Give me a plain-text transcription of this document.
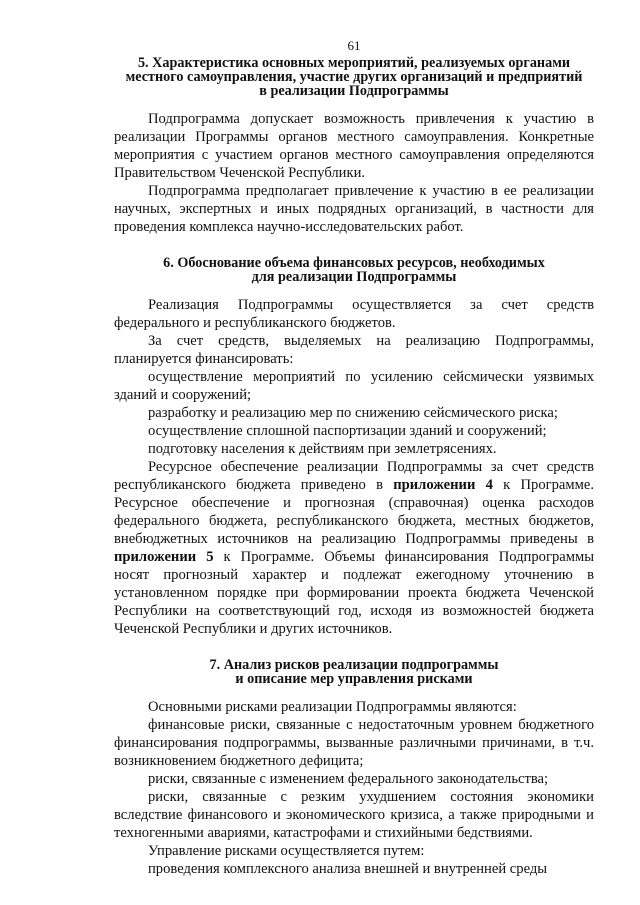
61
5. Характеристика основных мероприятий, реализуемых органами
местного самоуправления, участие других организаций и предприятий
в реализации Подпрограммы

Подпрограмма допускает возможность привлечения к участию в реализации Программы органов местного самоуправления. Конкретные мероприятия с участием органов местного самоуправления определяются Правительством Чеченской Республики.

Подпрограмма предполагает привлечение к участию в ее реализации научных, экспертных и иных подрядных организаций, в частности для проведения комплекса научно-исследовательских работ.

6. Обоснование объема финансовых ресурсов, необходимых
для реализации Подпрограммы

Реализация Подпрограммы осуществляется за счет средств федерального и республиканского бюджетов.

За счет средств, выделяемых на реализацию Подпрограммы, планируется финансировать:

осуществление мероприятий по усилению сейсмически уязвимых зданий и сооружений;

разработку и реализацию мер по снижению сейсмического риска;

осуществление сплошной паспортизации зданий и сооружений;

подготовку населения к действиям при землетрясениях.

Ресурсное обеспечение реализации Подпрограммы за счет средств республиканского бюджета приведено в приложении 4 к Программе. Ресурсное обеспечение и прогнозная (справочная) оценка расходов федерального бюджета, республиканского бюджета, местных бюджетов, внебюджетных источников на реализацию Подпрограммы приведены в приложении 5 к Программе. Объемы финансирования Подпрограммы носят прогнозный характер и подлежат ежегодному уточнению в установленном порядке при формировании проекта бюджета Чеченской Республики на соответствующий год, исходя из возможностей бюджета Чеченской Республики и других источников.

7. Анализ рисков реализации подпрограммы
и описание мер управления рисками

Основными рисками реализации Подпрограммы являются:

финансовые риски, связанные с недостаточным уровнем бюджетного финансирования подпрограммы, вызванные различными причинами, в т.ч. возникновением бюджетного дефицита;

риски, связанные с изменением федерального законодательства;

риски, связанные с резким ухудшением состояния экономики вследствие финансового и экономического кризиса, а также природными и техногенными авариями, катастрофами и стихийными бедствиями.

Управление рисками осуществляется путем:

проведения комплексного анализа внешней и внутренней среды
